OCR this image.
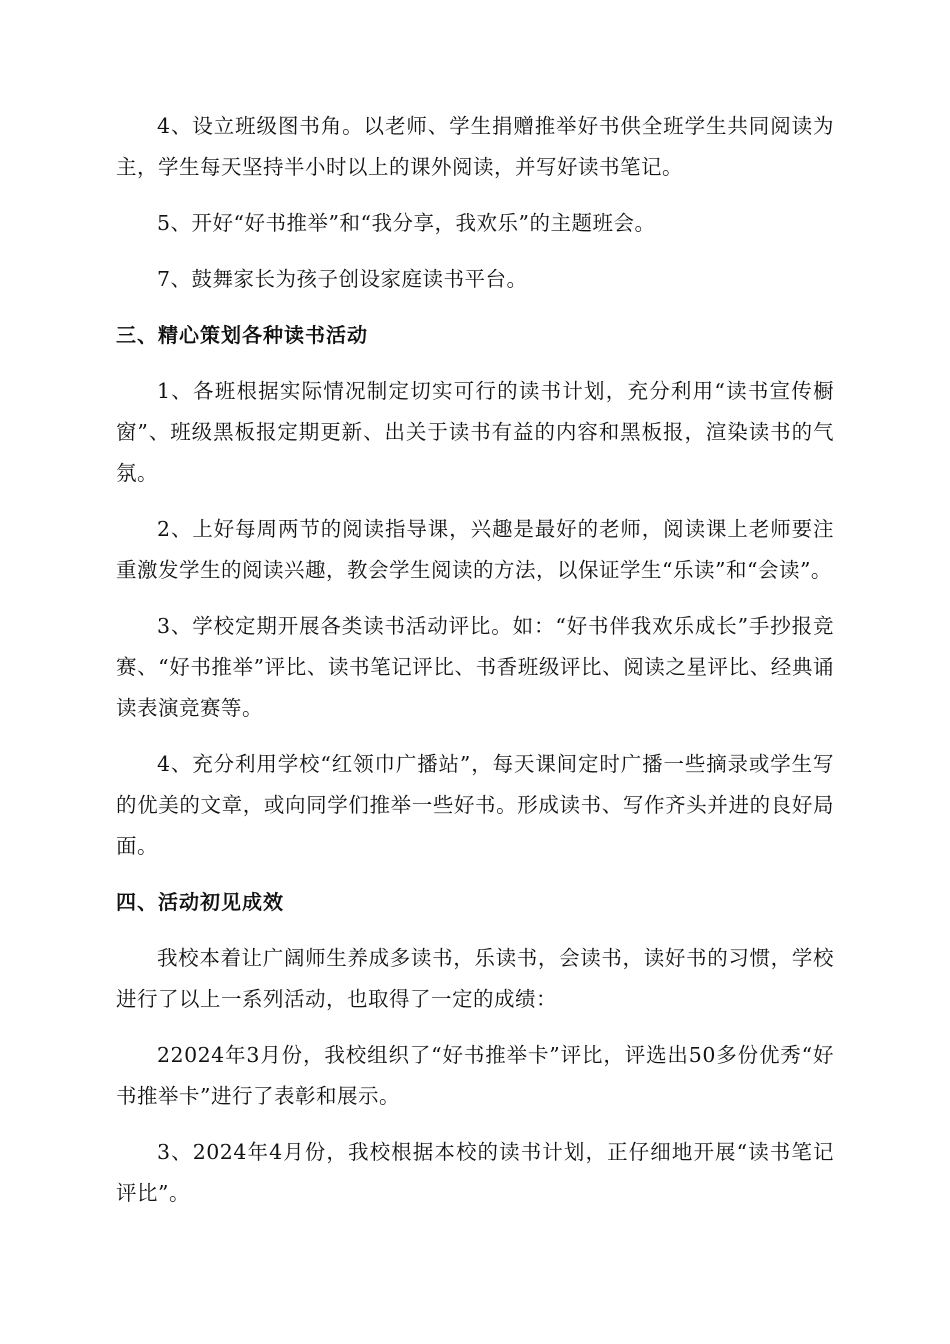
4、设立班级图书角。以老师、学生捐赠推举好书供全班学生共同阅读为主，学生每天坚持半小时以上的课外阅读，并写好读书笔记。

5、开好“好书推举”和“我分享，我欢乐”的主题班会。

7、鼓舞家长为孩子创设家庭读书平台。

三、精心策划各种读书活动

1、各班根据实际情况制定切实可行的读书计划，充分利用“读书宣传橱窗”、班级黑板报定期更新、出关于读书有益的内容和黑板报，渲染读书的气氛。

2、上好每周两节的阅读指导课，兴趣是最好的老师，阅读课上老师要注重激发学生的阅读兴趣，教会学生阅读的方法，以保证学生“乐读”和“会读”。

3、学校定期开展各类读书活动评比。如：“好书伴我欢乐成长”手抄报竞赛、“好书推举”评比、读书笔记评比、书香班级评比、阅读之星评比、经典诵读表演竞赛等。

4、充分利用学校“红领巾广播站”，每天课间定时广播一些摘录或学生写的优美的文章，或向同学们推举一些好书。形成读书、写作齐头并进的良好局面。

四、活动初见成效

我校本着让广阔师生养成多读书，乐读书，会读书，读好书的习惯，学校进行了以上一系列活动，也取得了一定的成绩：

22024年3月份，我校组织了“好书推举卡”评比，评选出50多份优秀“好书推举卡”进行了表彰和展示。

3、2024年4月份，我校根据本校的读书计划，正仔细地开展“读书笔记评比”。
